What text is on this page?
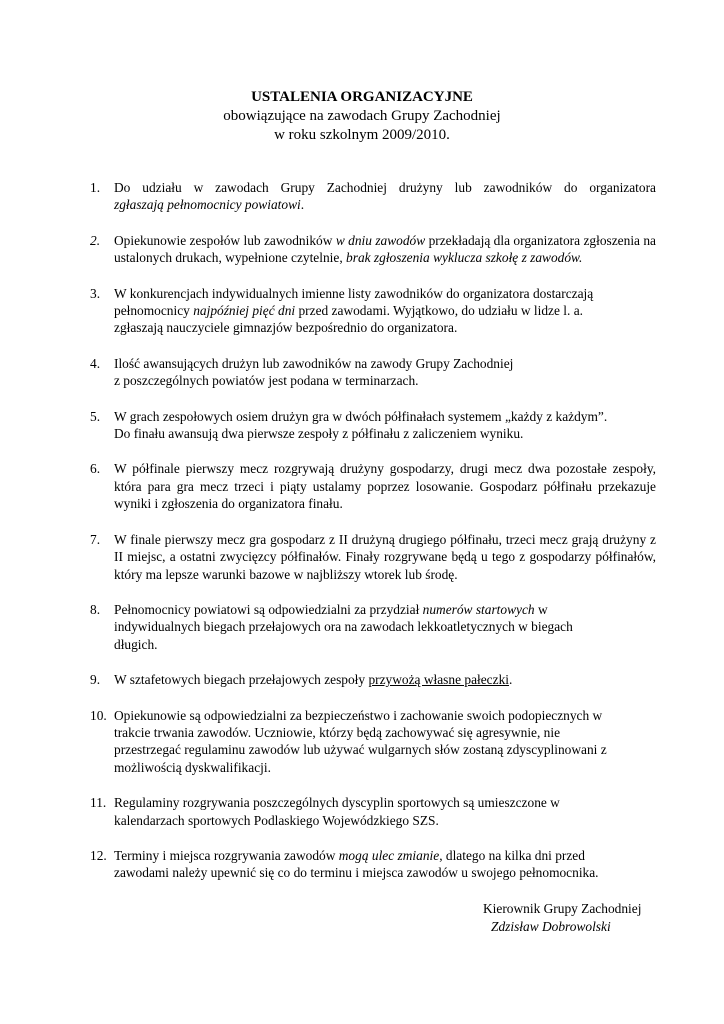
USTALENIA ORGANIZACYJNE
obowiązujące na zawodach Grupy Zachodniej
w roku szkolnym 2009/2010.
1. Do udziału w zawodach Grupy Zachodniej drużyny lub zawodników do organizatora
zgłaszają pełnomocnicy powiatowi.
2. Opiekunowie zespołów lub zawodników w dniu zawodów przekładają dla organizatora zgłoszenia na ustalonych drukach, wypełnione czytelnie, brak zgłoszenia wyklucza szkołę z zawodów.
3. W konkurencjach indywidualnych imienne listy zawodników do organizatora dostarczają
pełnomocnicy najpóźniej pięć dni przed zawodami. Wyjątkowo, do udziału w lidze l. a.
zgłaszają nauczyciele gimnazjów bezpośrednio do organizatora.
4. Ilość awansujących drużyn lub zawodników na zawody Grupy Zachodniej
z poszczególnych powiatów jest podana w terminarzach.
5. W grach zespołowych osiem drużyn gra w dwóch półfinałach systemem „każdy z każdym”.
Do finału awansują dwa pierwsze zespoły z półfinału z zaliczeniem wyniku.
6. W półfinale pierwszy mecz rozgrywają drużyny gospodarzy, drugi mecz dwa pozostałe zespoły, która para gra mecz trzeci i piąty ustalamy poprzez losowanie. Gospodarz półfinału przekazuje wyniki i zgłoszenia do organizatora finału.
7. W finale pierwszy mecz gra gospodarz z II drużyną drugiego półfinału, trzeci mecz grają drużyny z II miejsc, a ostatni zwycięzcy półfinałów. Finały rozgrywane będą u tego z gospodarzy półfinałów, który ma lepsze warunki bazowe w najbliższy wtorek lub środę.
8. Pełnomocnicy powiatowi są odpowiedzialni za przydział numerów startowych w
indywidualnych biegach przełajowych ora na zawodach lekkoatletycznych w biegach
długich.
9. W sztafetowych biegach przełajowych zespoły przywożą własne pałeczki.
10. Opiekunowie są odpowiedzialni za bezpieczeństwo i zachowanie swoich podopiecznych w
trakcie trwania zawodów. Uczniowie, którzy będą zachowywać się agresywnie, nie
przestrzegać regulaminu zawodów lub używać wulgarnych słów zostaną zdyscyplinowani z
możliwością dyskwalifikacji.
11. Regulaminy rozgrywania poszczególnych dyscyplin sportowych są umieszczone w
kalendarzach sportowych Podlaskiego Wojewódzkiego SZS.
12. Terminy i miejsca rozgrywania zawodów mogą ulec zmianie, dlatego na kilka dni przed
zawodami należy upewnić się co do terminu i miejsca zawodów u swojego pełnomocnika.
Kierownik Grupy Zachodniej
Zdzisław Dobrowolski
